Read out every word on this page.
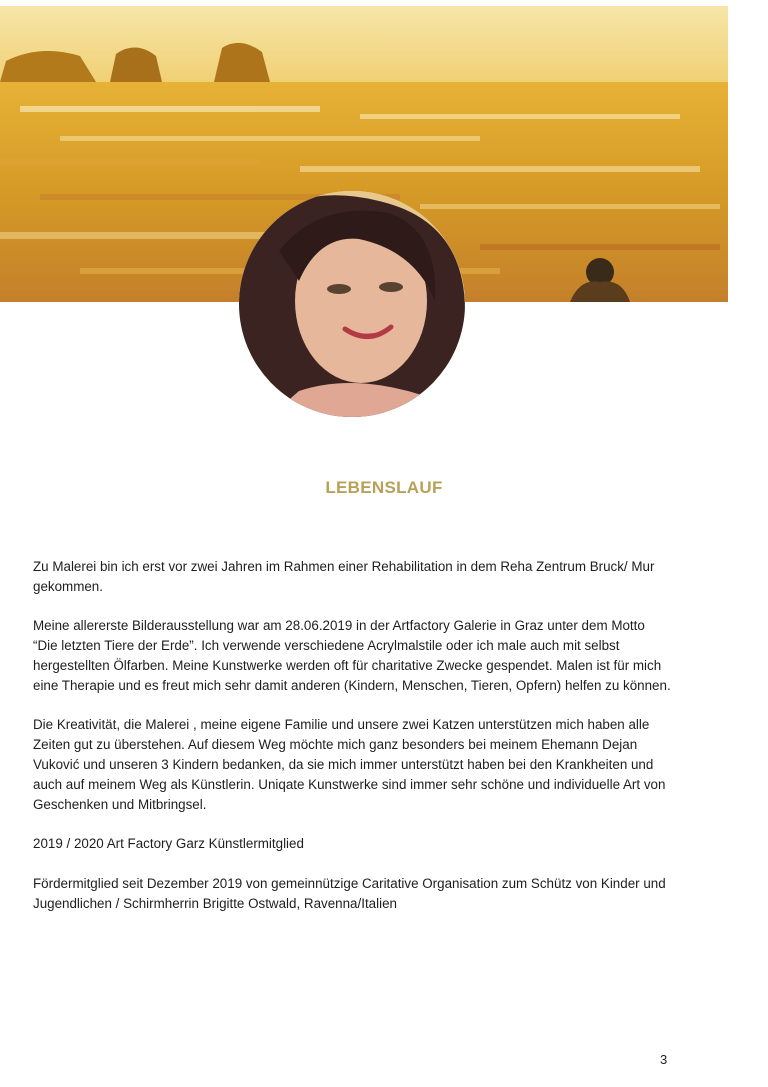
LEBENSLAUF

Zu Malerei bin ich erst vor zwei Jahren im Rahmen einer Rehabilitation in dem Reha Zentrum Bruck/ Mur gekommen.

Meine allererste Bilderausstellung war am 28.06.2019 in der Artfactory Galerie in Graz unter dem Motto “Die letzten Tiere der Erde”. Ich verwende verschiedene Acrylmalstile oder ich male auch mit selbst hergestellten Ölfarben. Meine Kunstwerke werden oft für charitative Zwecke gespendet. Malen ist für mich eine Therapie und es freut mich sehr damit anderen (Kindern, Menschen, Tieren, Opfern) helfen zu können.

Die Kreativität, die Malerei , meine eigene Familie und unsere zwei Katzen unterstützen mich haben alle Zeiten gut zu überstehen. Auf diesem Weg möchte mich ganz besonders bei meinem Ehemann Dejan Vuković und unseren 3 Kindern bedanken, da sie mich immer unterstützt haben bei den Krankheiten und auch auf meinem Weg als Künstlerin. Uniqate Kunstwerke sind immer sehr schöne und individuelle Art von Geschenken und Mitbringsel.

2019 / 2020 Art Factory Garz Künstlermitglied

Fördermitglied seit Dezember 2019 von gemeinnützige Caritative Organisation zum Schütz von Kinder und Jugendlichen / Schirmherrin Brigitte Ostwald, Ravenna/Italien

3
